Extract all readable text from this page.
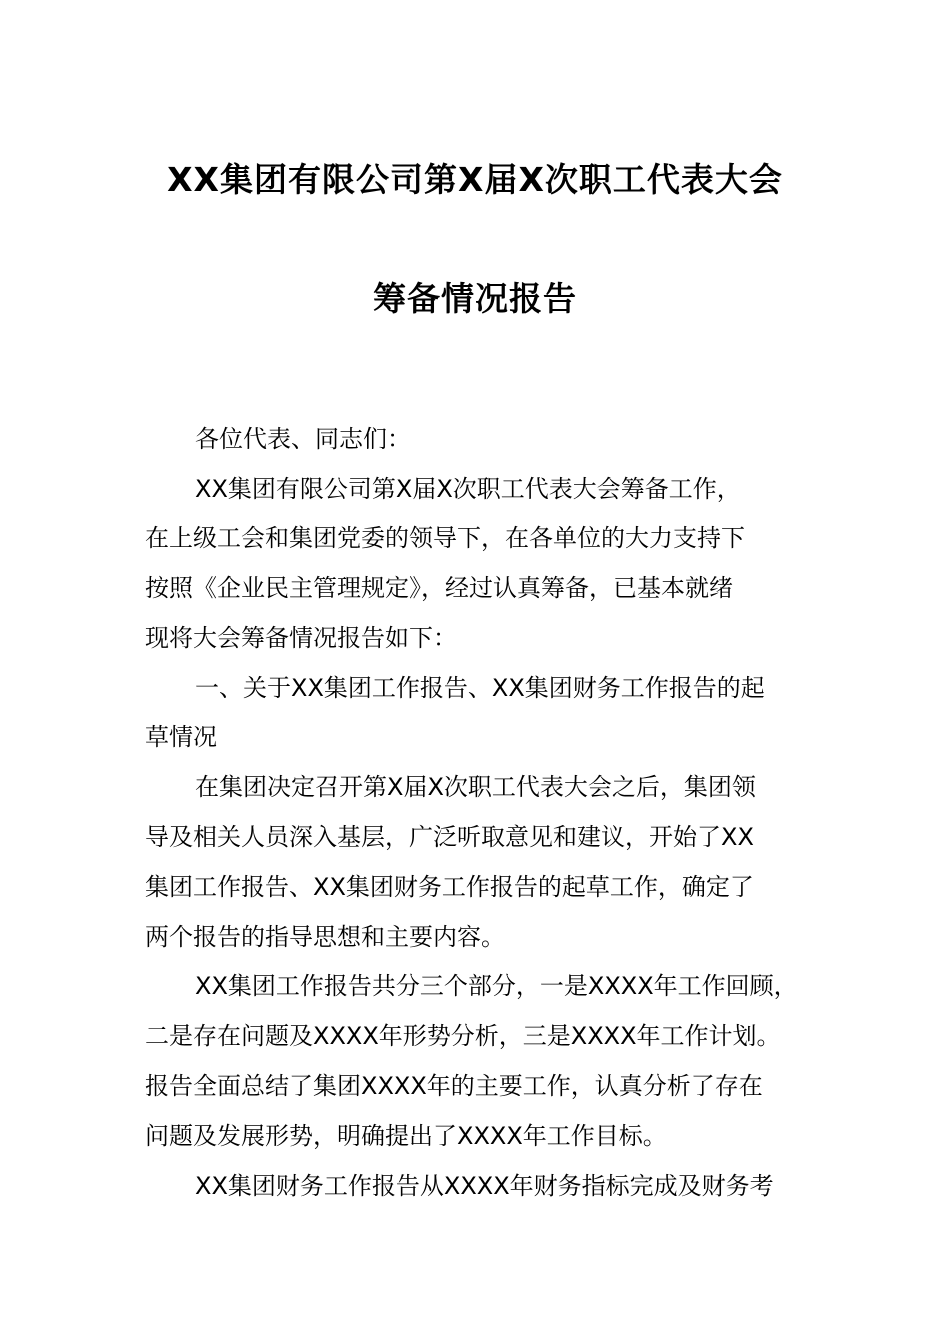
XX集团有限公司第X届X次职工代表大会
筹备情况报告
各位代表、同志们：
XX集团有限公司第X届X次职工代表大会筹备工作，
在上级工会和集团党委的领导下，在各单位的大力支持下
按照《企业民主管理规定》，经过认真筹备，已基本就绪
现将大会筹备情况报告如下：
一、关于XX集团工作报告、XX集团财务工作报告的起
草情况
在集团决定召开第X届X次职工代表大会之后，集团领
导及相关人员深入基层，广泛听取意见和建议，开始了XX
集团工作报告、XX集团财务工作报告的起草工作，确定了
两个报告的指导思想和主要内容。
XX集团工作报告共分三个部分，一是XXXX年工作回顾，
二是存在问题及XXXX年形势分析，三是XXXX年工作计划。
报告全面总结了集团XXXX年的主要工作，认真分析了存在
问题及发展形势，明确提出了XXXX年工作目标。
XX集团财务工作报告从XXXX年财务指标完成及财务考
